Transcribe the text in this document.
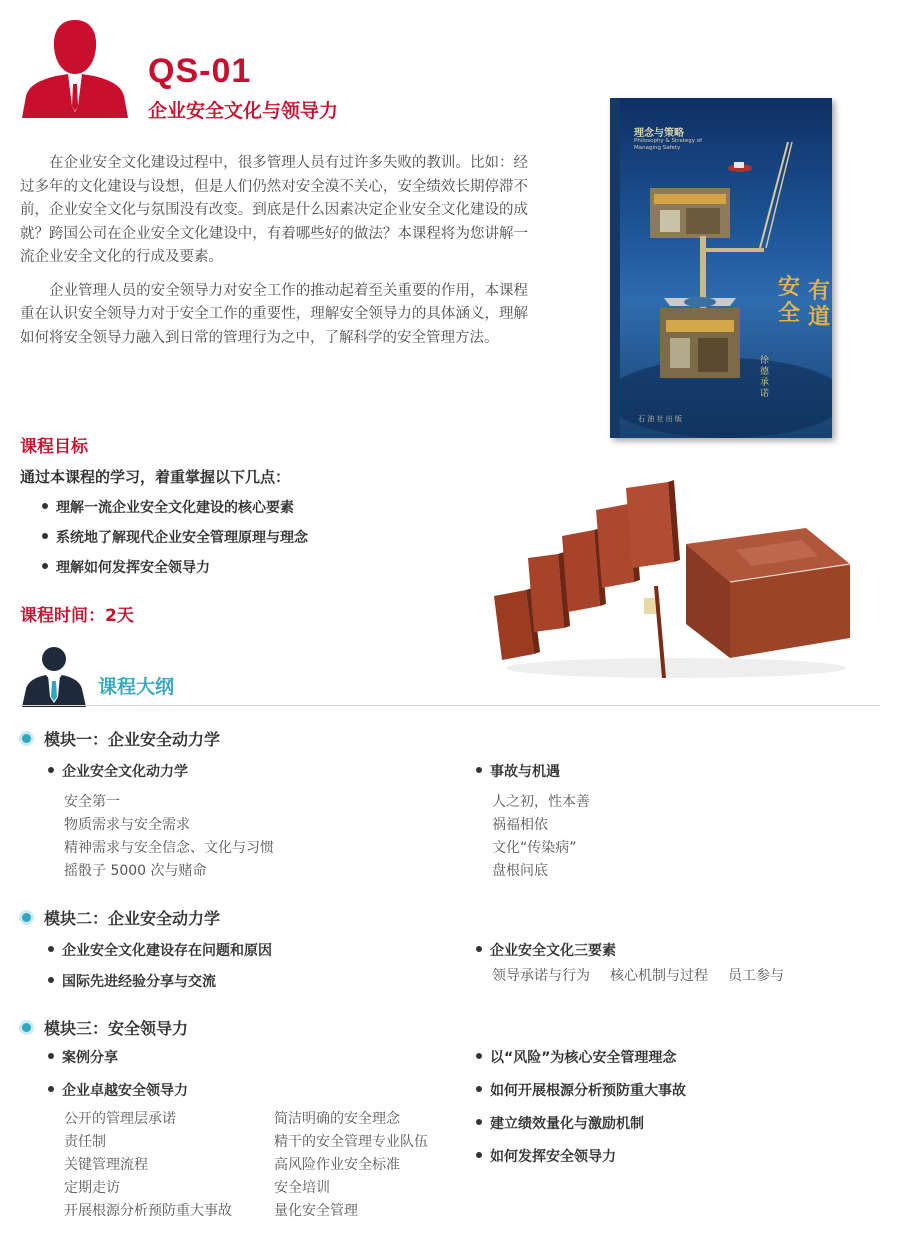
QS-01
企业安全文化与领导力

在企业安全文化建设过程中，很多管理人员有过许多失败的教训。比如：经过多年的文化建设与设想，但是人们仍然对安全漠不关心，安全绩效长期停滞不前，企业安全文化与氛围没有改变。到底是什么因素决定企业安全文化建设的成就？跨国公司在企业安全文化建设中，有着哪些好的做法？本课程将为您讲解一流企业安全文化的行成及要素。

企业管理人员的安全领导力对安全工作的推动起着至关重要的作用，本课程重在认识安全领导力对于安全工作的重要性，理解安全领导力的具体涵义，理解如何将安全领导力融入到日常的管理行为之中，了解科学的安全管理方法。

理念与策略
Philosophy & Strategy of Managing Safety
安全
有道
徐 德 承 诺
石 油 社 出 版
课程目标
通过本课程的学习，着重掌握以下几点：
理解一流企业安全文化建设的核心要素
系统地了解现代企业安全管理原理与理念
理解如何发挥安全领导力
课程时间：2天
课程大纲
模块一：企业安全动力学
企业安全文化动力学
安全第一
物质需求与安全需求
精神需求与安全信念、文化与习惯
摇骰子 5000 次与赌命
事故与机遇
人之初，性本善
祸福相依
文化“传染病”
盘根问底
模块二：企业安全动力学
企业安全文化建设存在问题和原因
国际先进经验分享与交流
企业安全文化三要素
领导承诺与行为 核心机制与过程 员工参与
模块三：安全领导力
案例分享
企业卓越安全领导力
公开的管理层承诺
责任制
关键管理流程
定期走访
开展根源分析预防重大事故
简洁明确的安全理念
精干的安全管理专业队伍
高风险作业安全标准
安全培训
量化安全管理
以“风险”为核心安全管理理念
如何开展根源分析预防重大事故
建立绩效量化与激励机制
如何发挥安全领导力
